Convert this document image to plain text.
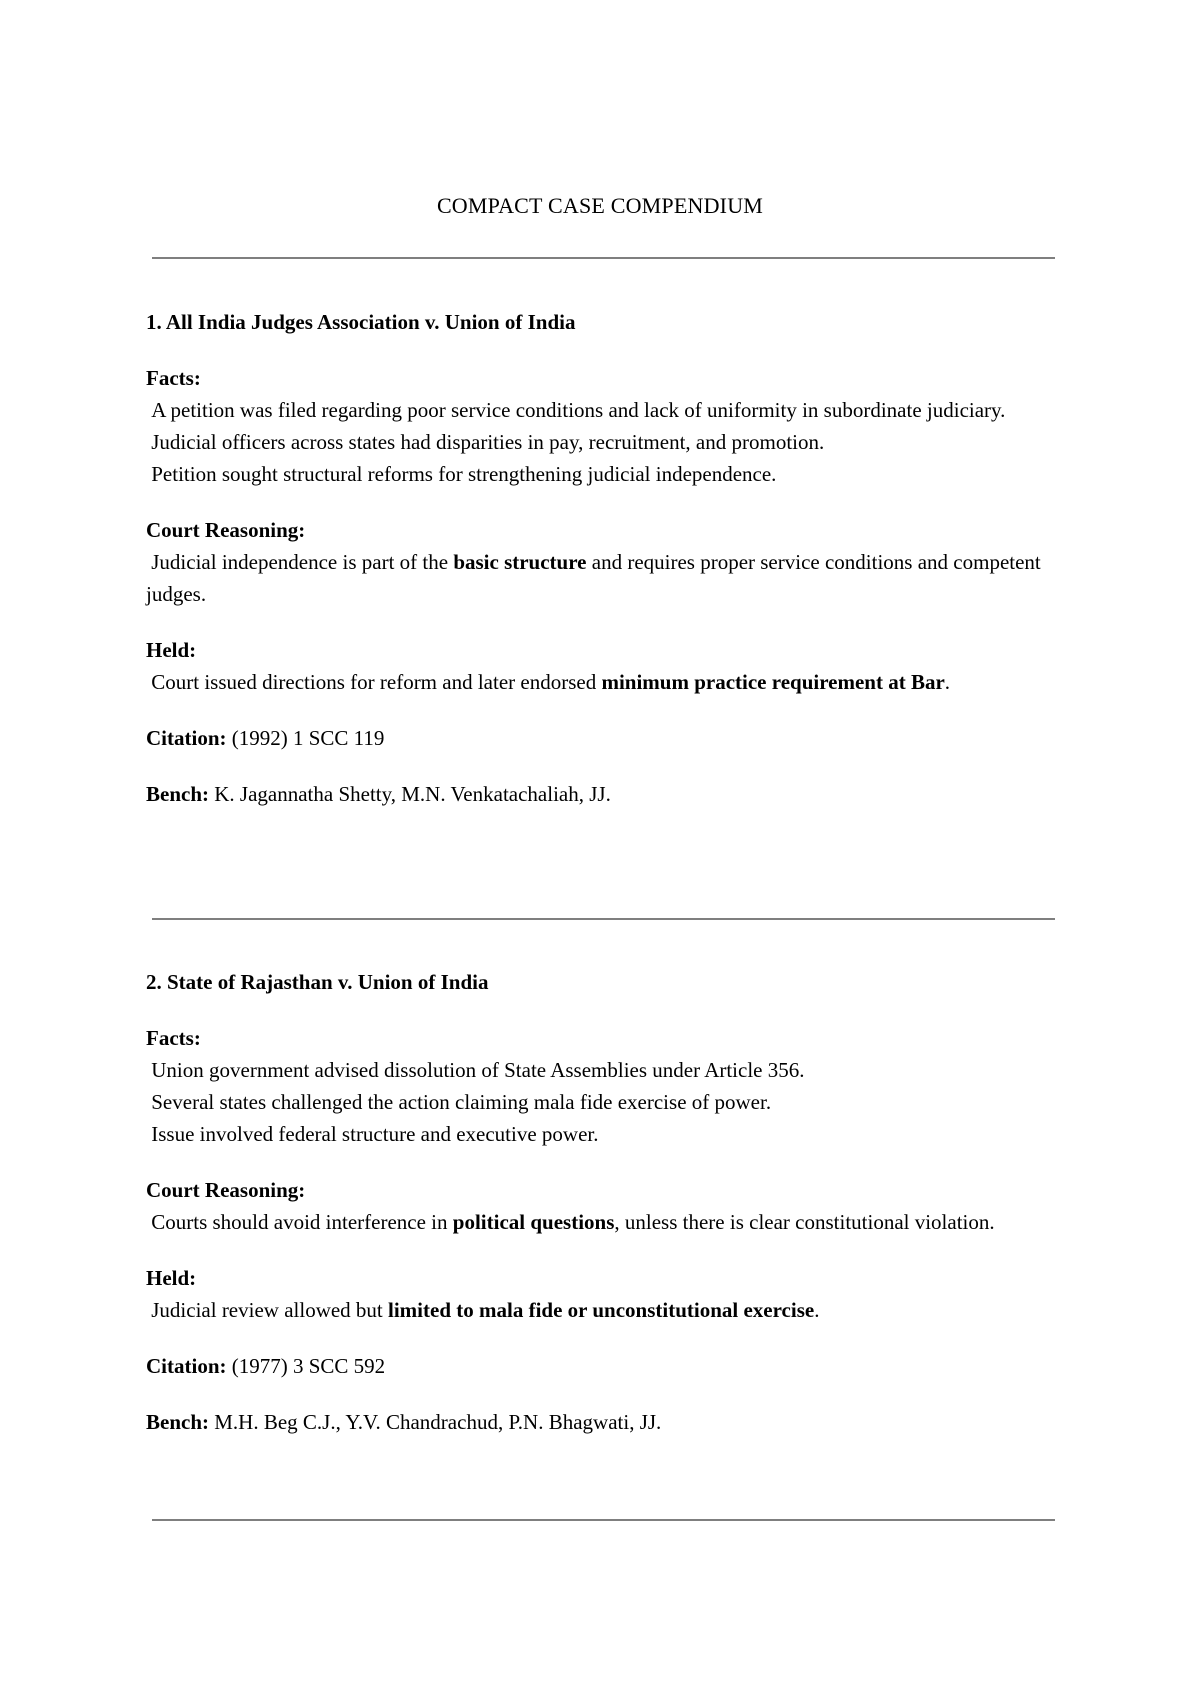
COMPACT CASE COMPENDIUM
1. All India Judges Association v. Union of India
Facts:
A petition was filed regarding poor service conditions and lack of uniformity in subordinate judiciary.
Judicial officers across states had disparities in pay, recruitment, and promotion.
Petition sought structural reforms for strengthening judicial independence.
Court Reasoning:
Judicial independence is part of the basic structure and requires proper service conditions and competent judges.
Held:
Court issued directions for reform and later endorsed minimum practice requirement at Bar.
Citation: (1992) 1 SCC 119
Bench: K. Jagannatha Shetty, M.N. Venkatachaliah, JJ.
2. State of Rajasthan v. Union of India
Facts:
Union government advised dissolution of State Assemblies under Article 356.
Several states challenged the action claiming mala fide exercise of power.
Issue involved federal structure and executive power.
Court Reasoning:
Courts should avoid interference in political questions, unless there is clear constitutional violation.
Held:
Judicial review allowed but limited to mala fide or unconstitutional exercise.
Citation: (1977) 3 SCC 592
Bench: M.H. Beg C.J., Y.V. Chandrachud, P.N. Bhagwati, JJ.
